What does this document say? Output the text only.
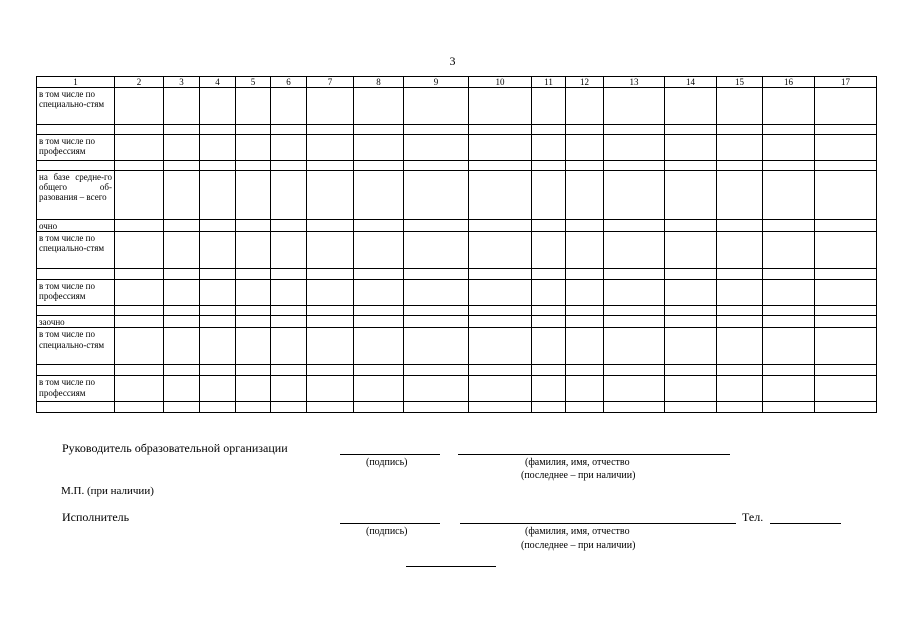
3
1	2	3	4	5	6	7	8	9	10	11	12	13	14	15	16	17
в том числе по специально-стям																

в том числе по профессиям																

на базе средне-го общего об-разования – всего																
очно																
в том числе по специально-стям																

в том числе по профессиям																

заочно																
в том числе по специально-стям																

в том числе по профессиям																

Руководитель образовательной организации
(подпись)	(фамилия, имя, отчество
(последнее – при наличии)
М.П. (при наличии)
Исполнитель	Тел.
(подпись)	(фамилия, имя, отчество
(последнее – при наличии)
